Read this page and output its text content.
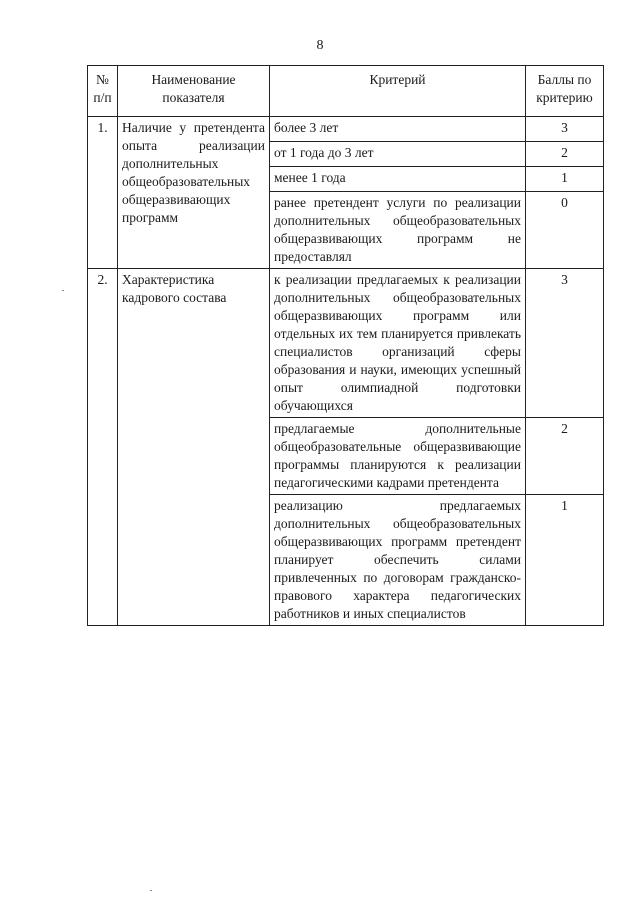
8
№ п/п	Наименование показателя	Критерий	Баллы по критерию
1.	Наличие у претендента опыта реализации дополнительных общеобразовательных общеразвивающих программ	более 3 лет	3
		от 1 года до 3 лет	2
		менее 1 года	1
		ранее претендент услуги по реализации дополнительных общеобразовательных общеразвивающих программ не предоставлял	0
2.	Характеристика кадрового состава	к реализации предлагаемых к реализации дополнительных общеобразовательных общеразвивающих программ или отдельных их тем планируется привлекать специалистов организаций сферы образования и науки, имеющих успешный опыт олимпиадной подготовки обучающихся	3
		предлагаемые дополнительные общеобразовательные общеразвивающие программы планируются к реализации педагогическими кадрами претендента	2
		реализацию предлагаемых дополнительных общеобразовательных общеразвивающих программ претендент планирует обеспечить силами привлеченных по договорам гражданско-правового характера педагогических работников и иных специалистов	1
